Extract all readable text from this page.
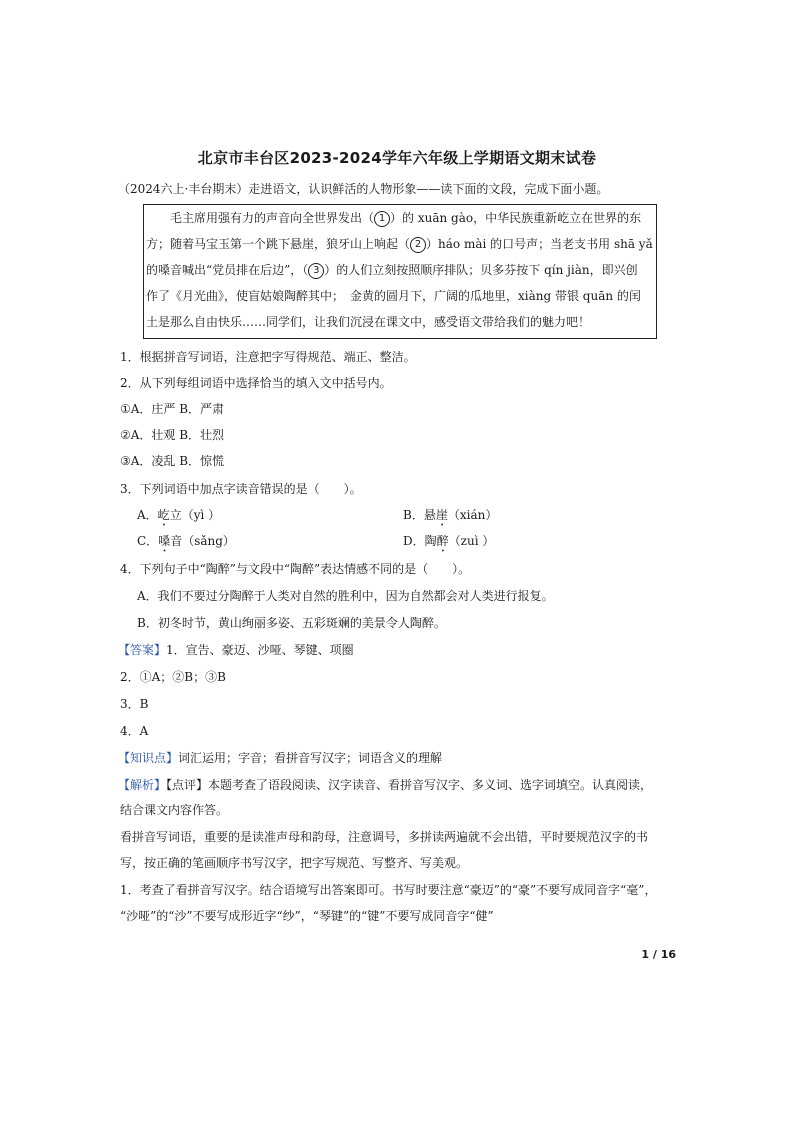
北京市丰台区2023-2024学年六年级上学期语文期末试卷
（2024六上·丰台期末）走进语文，认识鲜活的人物形象——读下面的文段，完成下面小题。
毛主席用强有力的声音向全世界发出（ 1 ）的 xuān gào，中华民族重新屹立在世界的东
方；随着马宝玉第一个跳下悬崖，狼牙山上响起（ 2 ）háo mài 的口号声；当老支书用 shā yǎ
的嗓音喊出“党员排在后边”，（ 3 ）的人们立刻按照顺序排队；贝多芬按下 qín jiàn，即兴创
作了《月光曲》，使盲姑娘陶醉其中；　金黄的圆月下，广阔的瓜地里，xiàng 带银 quān 的闰
土是那么自由快乐……同学们，让我们沉浸在课文中，感受语文带给我们的魅力吧！
1．根据拼音写词语，注意把字写得规范、端正、整洁。
2．从下列每组词语中选择恰当的填入文中括号内。
①A．庄严 B．严肃
②A．壮观 B．壮烈
③A．凌乱 B．惊慌
3．下列词语中加点字读音错误的是（　　）。
A．屹立（yì ）	B．悬崖（xián）
C．嗓音（sǎng）	D．陶醉（zuì ）
4．下列句子中“陶醉”与文段中“陶醉”表达情感不同的是（　　）。
A．我们不要过分陶醉于人类对自然的胜利中，因为自然都会对人类进行报复。
B．初冬时节，黄山绚丽多姿、五彩斑斓的美景令人陶醉。
【答案】1．宣告、豪迈、沙哑、琴键、项圈
2．①A；②B；③B
3．B
4．A
【知识点】词汇运用；字音；看拼音写汉字；词语含义的理解
【解析】【点评】本题考查了语段阅读、汉字读音、看拼音写汉字、多义词、选字词填空。认真阅读，
结合课文内容作答。
看拼音写词语，重要的是读准声母和韵母，注意调号，多拼读两遍就不会出错，平时要规范汉字的书
写，按正确的笔画顺序书写汉字，把字写规范、写整齐、写美观。
1．考查了看拼音写汉字。结合语境写出答案即可。书写时要注意“豪迈”的“豪”不要写成同音字“毫”，
“沙哑”的“沙”不要写成形近字“纱”，“琴键”的“键”不要写成同音字“健”
1 / 16
